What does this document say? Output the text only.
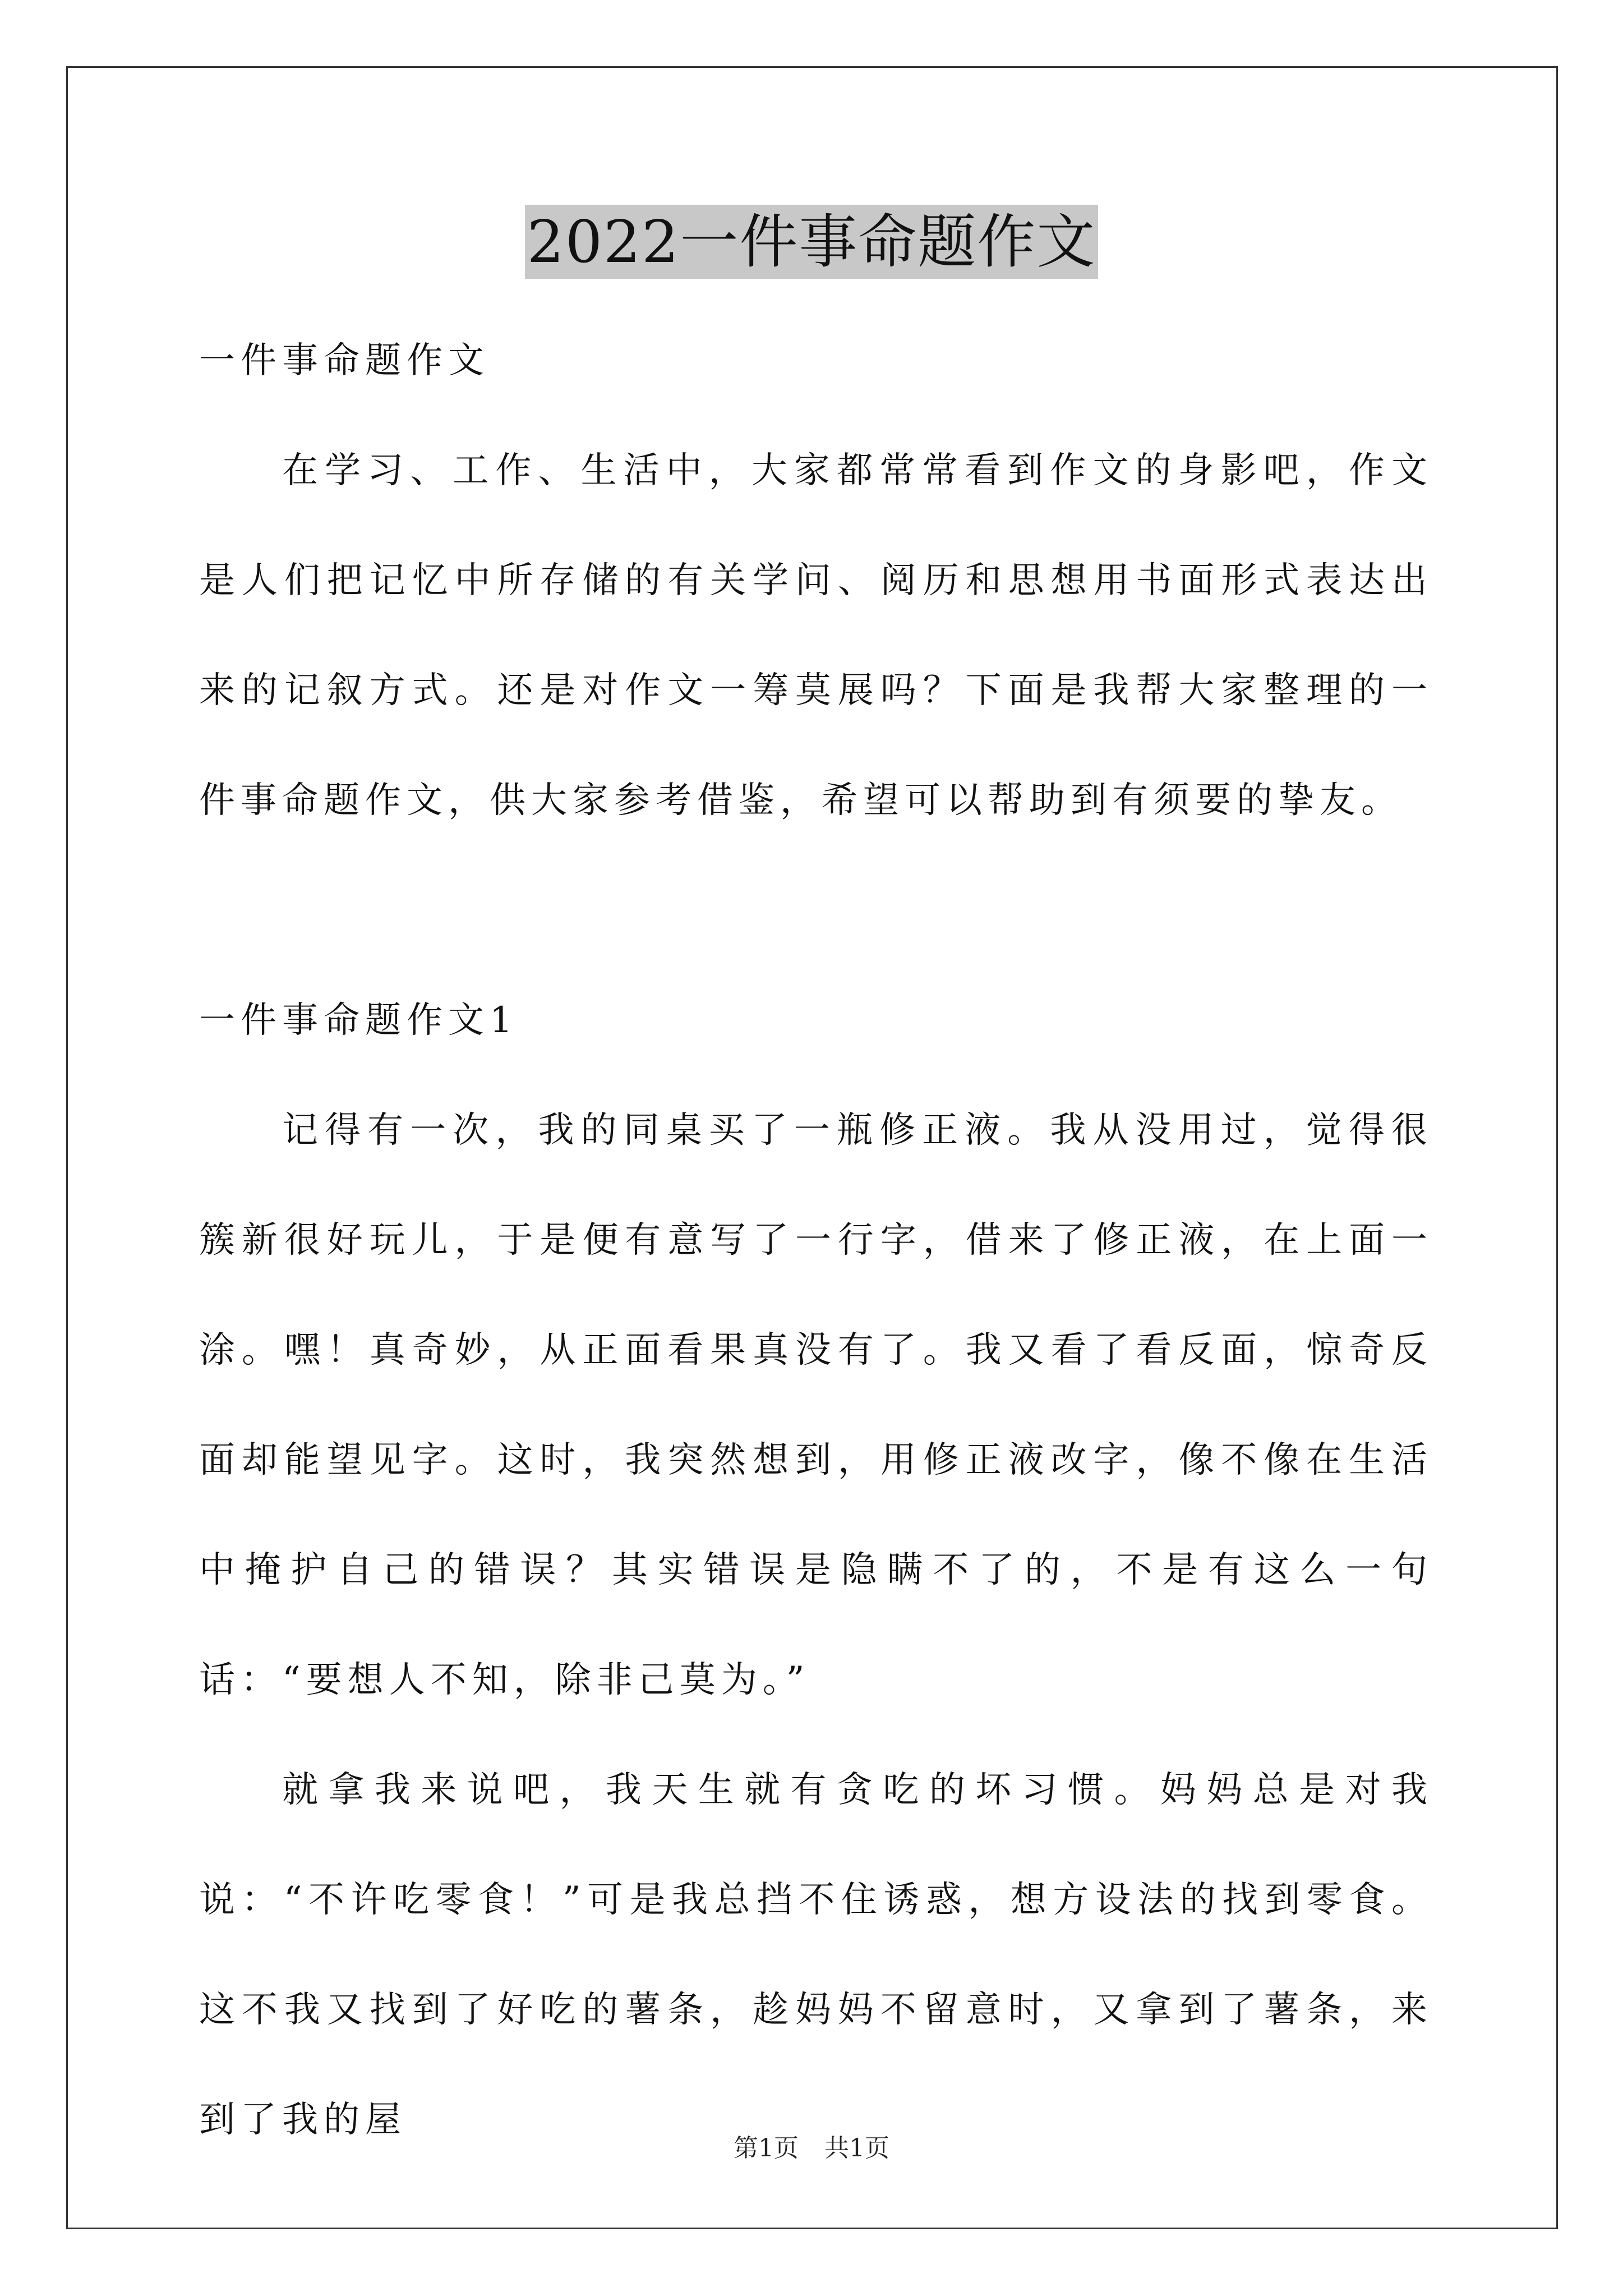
2022一件事命题作文

一件事命题作文

在学习、工作、生活中，大家都常常看到作文的身影吧，作文是人们把记忆中所存储的有关学问、阅历和思想用书面形式表达出来的记叙方式。还是对作文一筹莫展吗？下面是我帮大家整理的一件事命题作文，供大家参考借鉴，希望可以帮助到有须要的挚友。

一件事命题作文1

记得有一次，我的同桌买了一瓶修正液。我从没用过，觉得很簇新很好玩儿，于是便有意写了一行字，借来了修正液，在上面一涂。嘿！真奇妙，从正面看果真没有了。我又看了看反面，惊奇反面却能望见字。这时，我突然想到，用修正液改字，像不像在生活中掩护自己的错误？其实错误是隐瞒不了的，不是有这么一句话：“要想人不知，除非己莫为。”

就拿我来说吧，我天生就有贪吃的坏习惯。妈妈总是对我说：“不许吃零食！”可是我总挡不住诱惑，想方设法的找到零食。这不我又找到了好吃的薯条，趁妈妈不留意时，又拿到了薯条，来到了我的屋

第1页 共1页
